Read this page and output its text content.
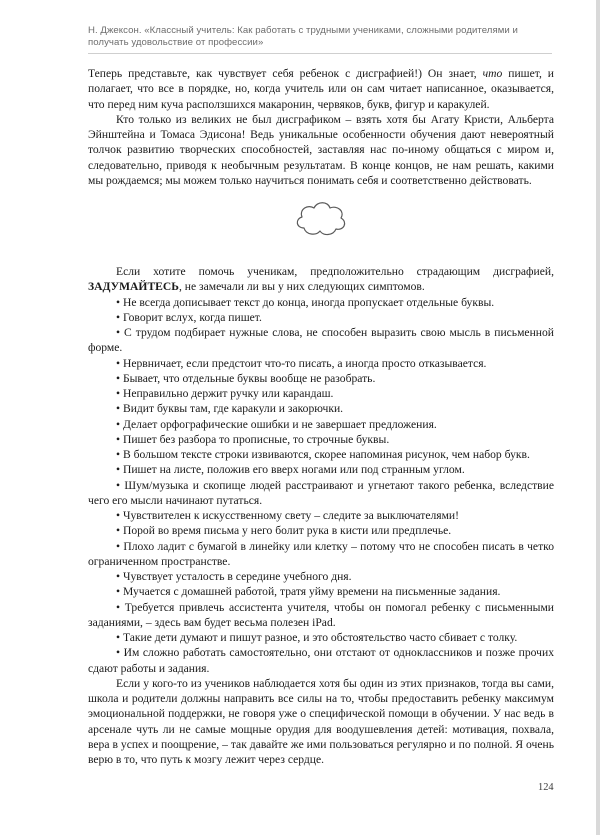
Н. Джексон. «Классный учитель: Как работать с трудными учениками, сложными родителями и получать удовольствие от профессии»

Теперь представьте, как чувствует себя ребенок с дисграфией!) Он знает, что пишет, и полагает, что все в порядке, но, когда учитель или он сам читает написанное, оказывается, что перед ним куча расползшихся макаронин, червяков, букв, фигур и каракулей.

Кто только из великих не был дисграфиком – взять хотя бы Агату Кристи, Альберта Эйнштейна и Томаса Эдисона! Ведь уникальные особенности обучения дают невероятный толчок развитию творческих способностей, заставляя нас по-иному общаться с миром и, следовательно, приводя к необычным результатам. В конце концов, не нам решать, какими мы рождаемся; мы можем только научиться понимать себя и соответственно действовать.

Если хотите помочь ученикам, предположительно страдающим дисграфией, ЗАДУМАЙТЕСЬ, не замечали ли вы у них следующих симптомов.

• Не всегда дописывает текст до конца, иногда пропускает отдельные буквы.

• Говорит вслух, когда пишет.

• С трудом подбирает нужные слова, не способен выразить свою мысль в письменной форме.

• Нервничает, если предстоит что-то писать, а иногда просто отказывается.

• Бывает, что отдельные буквы вообще не разобрать.

• Неправильно держит ручку или карандаш.

• Видит буквы там, где каракули и закорючки.

• Делает орфографические ошибки и не завершает предложения.

• Пишет без разбора то прописные, то строчные буквы.

• В большом тексте строки извиваются, скорее напоминая рисунок, чем набор букв.

• Пишет на листе, положив его вверх ногами или под странным углом.

• Шум/музыка и скопище людей расстраивают и угнетают такого ребенка, вследствие чего его мысли начинают путаться.

• Чувствителен к искусственному свету – следите за выключателями!

• Порой во время письма у него болит рука в кисти или предплечье.

• Плохо ладит с бумагой в линейку или клетку – потому что не способен писать в четко ограниченном пространстве.

• Чувствует усталость в середине учебного дня.

• Мучается с домашней работой, тратя уйму времени на письменные задания.

• Требуется привлечь ассистента учителя, чтобы он помогал ребенку с письменными заданиями, – здесь вам будет весьма полезен iPad.

• Такие дети думают и пишут разное, и это обстоятельство часто сбивает с толку.

• Им сложно работать самостоятельно, они отстают от одноклассников и позже прочих сдают работы и задания.

Если у кого-то из учеников наблюдается хотя бы один из этих признаков, тогда вы сами, школа и родители должны направить все силы на то, чтобы предоставить ребенку максимум эмоциональной поддержки, не говоря уже о специфической помощи в обучении. У нас ведь в арсенале чуть ли не самые мощные орудия для воодушевления детей: мотивация, похвала, вера в успех и поощрение, – так давайте же ими пользоваться регулярно и по полной. Я очень верю в то, что путь к мозгу лежит через сердце.

124
